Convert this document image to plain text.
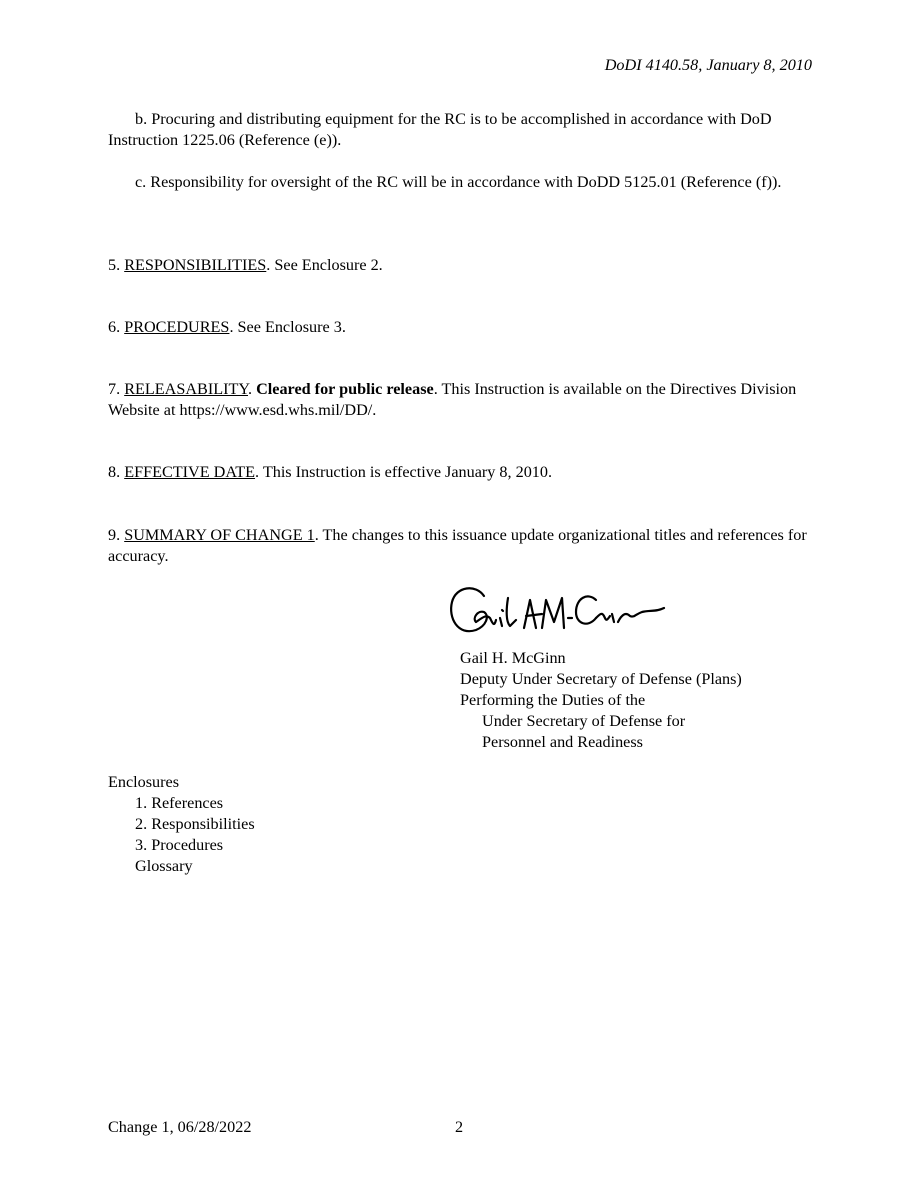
DoDI 4140.58, January 8, 2010
b. Procuring and distributing equipment for the RC is to be accomplished in accordance with DoD Instruction 1225.06 (Reference (e)).
c. Responsibility for oversight of the RC will be in accordance with DoDD 5125.01 (Reference (f)).
5. RESPONSIBILITIES. See Enclosure 2.
6. PROCEDURES. See Enclosure 3.
7. RELEASABILITY. Cleared for public release. This Instruction is available on the Directives Division Website at https://www.esd.whs.mil/DD/.
8. EFFECTIVE DATE. This Instruction is effective January 8, 2010.
9. SUMMARY OF CHANGE 1. The changes to this issuance update organizational titles and references for accuracy.
Gail H. McGinn
Deputy Under Secretary of Defense (Plans)
Performing the Duties of the
Under Secretary of Defense for
Personnel and Readiness
Enclosures
1. References
2. Responsibilities
3. Procedures
Glossary
Change 1, 06/28/2022	2
